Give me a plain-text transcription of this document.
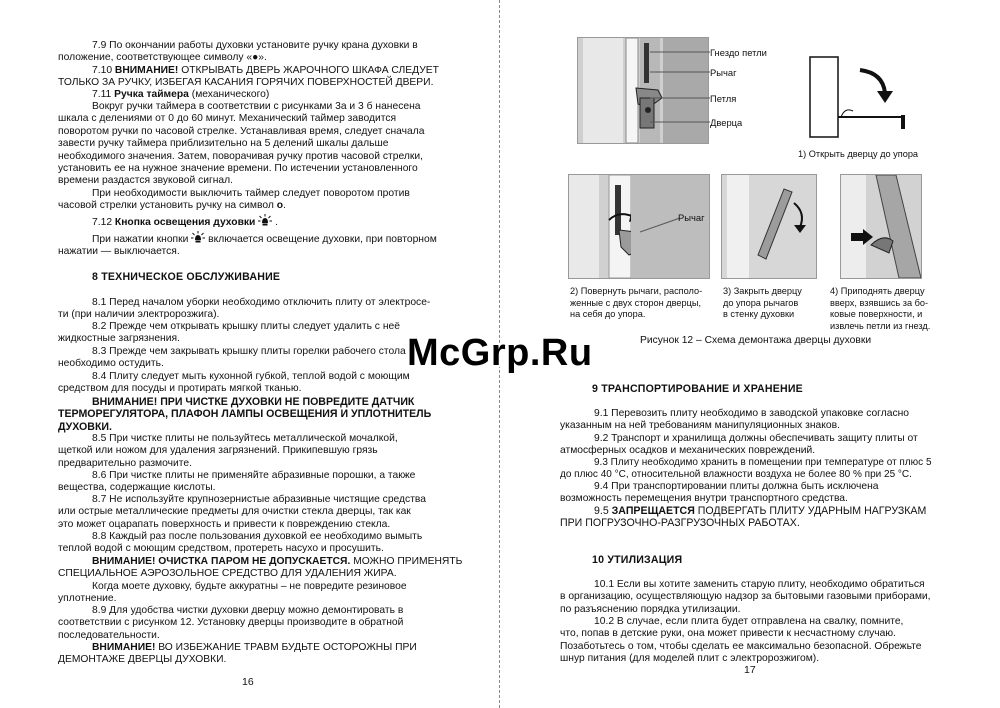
7.9 По окончании работы духовки установите ручку крана духовки в
положение, соответствующее символу «●».
7.10 ВНИМАНИЕ! ОТКРЫВАТЬ ДВЕРЬ ЖАРОЧНОГО ШКАФА СЛЕДУЕТ
ТОЛЬКО ЗА РУЧКУ, ИЗБЕГАЯ КАСАНИЯ ГОРЯЧИХ ПОВЕРХНОСТЕЙ ДВЕРИ.
7.11 Ручка таймера (механического)
Вокруг ручки таймера в соответствии с рисунками 3а и 3 б нанесена
шкала с делениями от 0 до 60 минут. Механический таймер заводится
поворотом ручки по часовой стрелке. Устанавливая время, следует сначала
завести ручку таймера приблизительно на 5 делений шкалы дальше
необходимого значения. Затем, поворачивая ручку против часовой стрелки,
установить ее на нужное значение времени. По истечении установленного
времени раздастся звуковой сигнал.
При необходимости выключить таймер следует поворотом против
часовой стрелки установить ручку на символ о.
7.12 Кнопка освещения духовки  .
При нажатии кнопки  включается освещение духовки, при повторном
нажатии — выключается.
8 ТЕХНИЧЕСКОЕ ОБСЛУЖИВАНИЕ
8.1 Перед началом уборки необходимо отключить плиту от электросе-
ти (при наличии электророзжига).
8.2 Прежде чем открывать крышку плиты следует удалить с неё
жидкостные загрязнения.
8.3 Прежде чем закрывать крышку плиты горелки рабочего стола
необходимо остудить.
8.4 Плиту следует мыть кухонной губкой, теплой водой с моющим
средством для посуды и протирать мягкой тканью.
ВНИМАНИЕ! ПРИ ЧИСТКЕ ДУХОВКИ НЕ ПОВРЕДИТЕ ДАТЧИК
ТЕРМОРЕГУЛЯТОРА, ПЛАФОН ЛАМПЫ ОСВЕЩЕНИЯ И УПЛОТНИТЕЛЬ
ДУХОВКИ.
8.5 При чистке плиты не пользуйтесь металлической мочалкой,
щеткой или ножом для удаления загрязнений. Прикипевшую грязь
предварительно размочите.
8.6 При чистке плиты не применяйте абразивные порошки, а также
вещества, содержащие кислоты.
8.7 Не используйте крупнозернистые абразивные чистящие средства
или острые металлические предметы для очистки стекла дверцы, так как
это может оцарапать поверхность и привести к повреждению стекла.
8.8 Каждый раз после пользования духовкой ее необходимо вымыть
теплой водой с моющим средством, протереть насухо и просушить.
ВНИМАНИЕ! ОЧИСТКА ПАРОМ НЕ ДОПУСКАЕТСЯ. МОЖНО ПРИМЕНЯТЬ
СПЕЦИАЛЬНОЕ АЭРОЗОЛЬНОЕ СРЕДСТВО ДЛЯ УДАЛЕНИЯ ЖИРА.
Когда моете духовку, будьте аккуратны – не повредите резиновое
уплотнение.
8.9 Для удобства чистки духовки дверцу можно демонтировать в
соответствии с рисунком 12. Установку дверцы производите в обратной
последовательности.
ВНИМАНИЕ! ВО ИЗБЕЖАНИЕ ТРАВМ БУДЬТЕ ОСТОРОЖНЫ ПРИ
ДЕМОНТАЖЕ ДВЕРЦЫ ДУХОВКИ.
16
Гнездо петли
Рычаг
Петля
Дверца
1) Открыть дверцу до упора
Рычаг
2) Повернуть рычаги, располо-
женные с двух сторон дверцы,
на себя до упора.
3) Закрыть дверцу
до упора рычагов
в стенку духовки
4) Приподнять дверцу
вверх, взявшись за бо-
ковые поверхности, и
извлечь петли из гнезд.
Рисунок 12 – Схема демонтажа дверцы духовки
9 ТРАНСПОРТИРОВАНИЕ И ХРАНЕНИЕ
9.1 Перевозить плиту необходимо в заводской упаковке согласно
указанным на ней требованиям манипуляционных знаков.
9.2 Транспорт и хранилища должны обеспечивать защиту плиты от
атмосферных осадков и механических повреждений.
9.3 Плиту необходимо хранить в помещении при температуре от плюс 5
до плюс 40 °С, относительной влажности воздуха не более 80 % при 25 °С.
9.4 При транспортировании плиты должна быть исключена
возможность перемещения внутри транспортного средства.
9.5 ЗАПРЕЩАЕТСЯ ПОДВЕРГАТЬ ПЛИТУ УДАРНЫМ НАГРУЗКАМ
ПРИ ПОГРУЗОЧНО-РАЗГРУЗОЧНЫХ РАБОТАХ.
10 УТИЛИЗАЦИЯ
10.1 Если вы хотите заменить старую плиту, необходимо обратиться
в организацию, осуществляющую надзор за бытовыми газовыми приборами,
по разъяснению порядка утилизации.
10.2 В случае, если плита будет отправлена на свалку, помните,
что, попав в детские руки, она может привести к несчастному случаю.
Позаботьтесь о том, чтобы сделать ее максимально безопасной. Обрежьте
шнур питания (для моделей плит с электророзжигом).
17
McGrp.Ru
